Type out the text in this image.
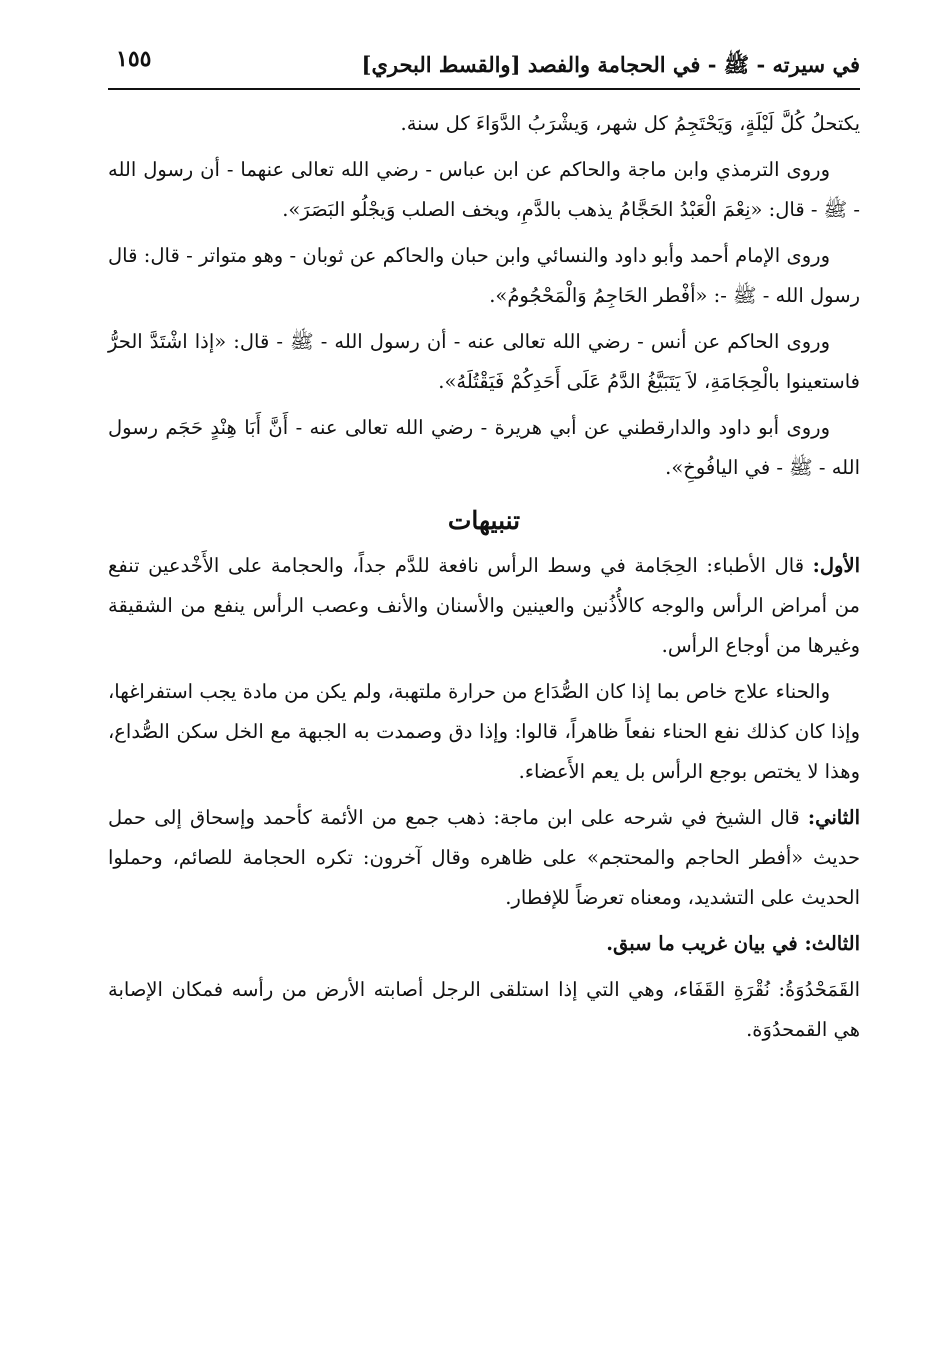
في سيرته - ﷺ - في الحجامة والفصد [والقسط البحري]
١٥٥

يكتحلُ كُلَّ لَيْلَةٍ، وَيَحْتَجِمُ كل شهر، وَيشْرَبُ الدَّوَاءَ كل سنة.

وروى الترمذي وابن ماجة والحاكم عن ابن عباس - رضي الله تعالى عنهما - أن رسول الله - ﷺ - قال: «نِعْمَ الْعَبْدُ الحَجَّامُ يذهب بالدَّمِ، ويخف الصلب وَيجْلُو البَصَرَ».

وروى الإمام أحمد وأبو داود والنسائي وابن حبان والحاكم عن ثوبان - وهو متواتر - قال: قال رسول الله - ﷺ -: «أفْطر الحَاجِمُ وَالْمَحْجُومُ».

وروى الحاكم عن أنس - رضي الله تعالى عنه - أن رسول الله - ﷺ - قال: «إذا اشْتَدَّ الحرُّ فاستعينوا بالْحِجَامَةِ، لاَ يَتَبَيَّغُ الدَّمُ عَلَى أَحَدِكُمْ فَيَقْتُلَهُ».

وروى أبو داود والدارقطني عن أبي هريرة - رضي الله تعالى عنه - أَنَّ أَبَا هِنْدٍ حَجَم رسول الله - ﷺ - في اليافُوخِ».

تنبيهات

الأول: قال الأطباء: الحِجَامة في وسط الرأس نافعة للدَّم جداً، والحجامة على الأَخْدعين تنفع من أمراض الرأس والوجه كالأُذُنين والعينين والأسنان والأنف وعصب الرأس ينفع من الشقيقة وغيرها من أوجاع الرأس.

والحناء علاج خاص بما إذا كان الصُّدَاع من حرارة ملتهبة، ولم يكن من مادة يجب استفراغها، وإذا كان كذلك نفع الحناء نفعاً ظاهراً، قالوا: وإذا دق وصمدت به الجبهة مع الخل سكن الصُّداع، وهذا لا يختص بوجع الرأس بل يعم الأَعضاء.

الثاني: قال الشيخ في شرحه على ابن ماجة: ذهب جمع من الأئمة كأحمد وإسحاق إلى حمل حديث «أفطر الحاجم والمحتجم» على ظاهره وقال آخرون: تكره الحجامة للصائم، وحملوا الحديث على التشديد، ومعناه تعرضاً للإفطار.

الثالث: في بيان غريب ما سبق.

القَمَحْدُوَةُ: نُقْرَةِ القَفَاء، وهي التي إذا استلقى الرجل أصابته الأرض من رأسه فمكان الإصابة هي القمحدُوَة.
